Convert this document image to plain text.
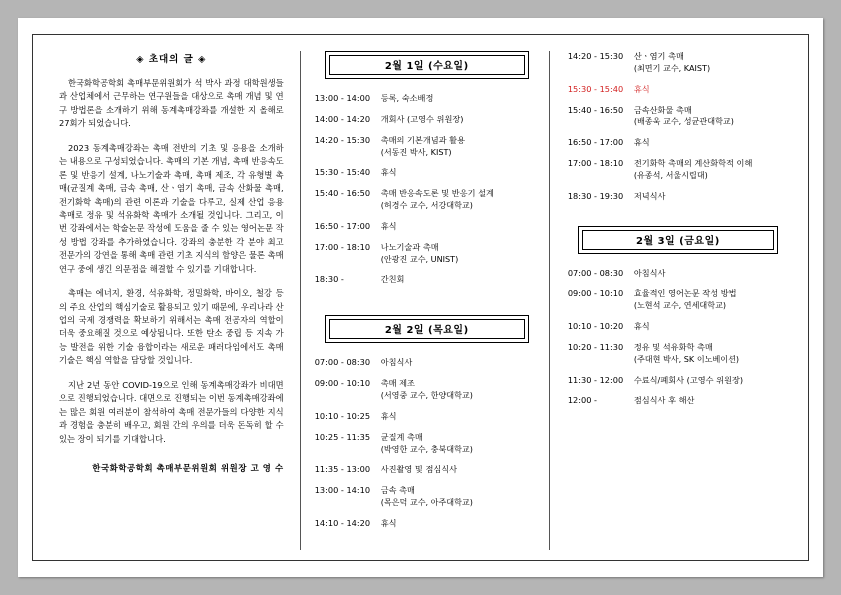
◈ 초대의 글 ◈

한국화학공학회 촉매부문위원회가 석 박사 과정 대학원생들과 산업체에서 근무하는 연구원들을 대상으로 촉매 개념 및 연구 방법론을 소개하기 위해 동계촉매강좌를 개설한 지 올해로 27회가 되었습니다.

2023 동계촉매강좌는 촉매 전반의 기초 및 응용을 소개하는 내용으로 구성되었습니다. 촉매의 기본 개념, 촉매 반응속도론 및 반응기 설계, 나노기술과 촉매, 촉매 제조, 각 유형별 촉매(균질계 촉매, 금속 촉매, 산ㆍ염기 촉매, 금속 산화물 촉매, 전기화학 촉매)의 관련 이론과 기술을 다루고, 실제 산업 응용 촉매로 정유 및 석유화학 촉매가 소개될 것입니다. 그리고, 이번 강좌에서는 학술논문 작성에 도움을 줄 수 있는 영어논문 작성 방법 강좌를 추가하였습니다. 강좌의 충분한 각 분야 최고 전문가의 강연을 통해 촉매 관련 기초 지식의 함양은 물론 촉매 연구 중에 생긴 의문점을 해결할 수 있기를 기대합니다.

촉매는 에너지, 환경, 석유화학, 정밀화학, 바이오, 철강 등의 주요 산업의 핵심기술로 활용되고 있기 때문에, 우리나라 산업의 국제 경쟁력을 확보하기 위해서는 촉매 전공자의 역할이 더욱 중요해질 것으로 예상됩니다. 또한 탄소 중립 등 지속 가능 발전을 위한 기술 융합이라는 새로운 패러다임에서도 촉매 기술은 핵심 역할을 담당할 것입니다.

지난 2년 동안 COVID-19으로 인해 동계촉매강좌가 비대면으로 진행되었습니다. 대면으로 진행되는 이번 동계촉매강좌에는 많은 회원 여러분이 참석하여 촉매 전문가들의 다양한 지식과 경험을 충분히 배우고, 회원 간의 우의를 더욱 돈독히 할 수 있는 장이 되기를 기대합니다.

한국화학공학회 촉매부문위원회 위원장 고 영 수
2월 1일 (수요일)
13:00 - 14:00	등록, 숙소배정
14:00 - 14:20	개회사 (고영수 위원장)
14:20 - 15:30	촉매의 기본개념과 활용
(서동진 박사, KIST)

15:30 - 15:40	휴식
15:40 - 16:50	촉매 반응속도론 및 반응기 설계
(허경수 교수, 서강대학교)

16:50 - 17:00	휴식
17:00 - 18:10	나노기술과 촉매
(안광진 교수, UNIST)

18:30 -	간친회
2월 2일 (목요일)
07:00 - 08:30	아침식사
09:00 - 10:10	촉매 제조
(서영중 교수, 한양대학교)

10:10 - 10:25	휴식
10:25 - 11:35	균질계 촉매
(박영한 교수, 충북대학교)

11:35 - 13:00	사진촬영 및 점심식사
13:00 - 14:10	금속 촉매
(목은덕 교수, 아주대학교)

14:10 - 14:20	휴식
14:20 - 15:30	산ㆍ염기 촉매
(최면기 교수, KAIST)

15:30 - 15:40	휴식
15:40 - 16:50	금속산화물 촉매
(배종욱 교수, 성균관대학교)

16:50 - 17:00	휴식
17:00 - 18:10	전기화학 촉매의 계산화학적 이해
(유종석, 서울시립대)

18:30 - 19:30	저녁식사
2월 3일 (금요일)
07:00 - 08:30	아침식사
09:00 - 10:10	효율적인 영어논문 작성 방법
(노현석 교수, 연세대학교)

10:10 - 10:20	휴식
10:20 - 11:30	정유 및 석유화학 촉매
(주대현 박사, SK 이노베이션)

11:30 - 12:00	수료식/폐회사 (고영수 위원장)
12:00 -	점심식사 후 해산
